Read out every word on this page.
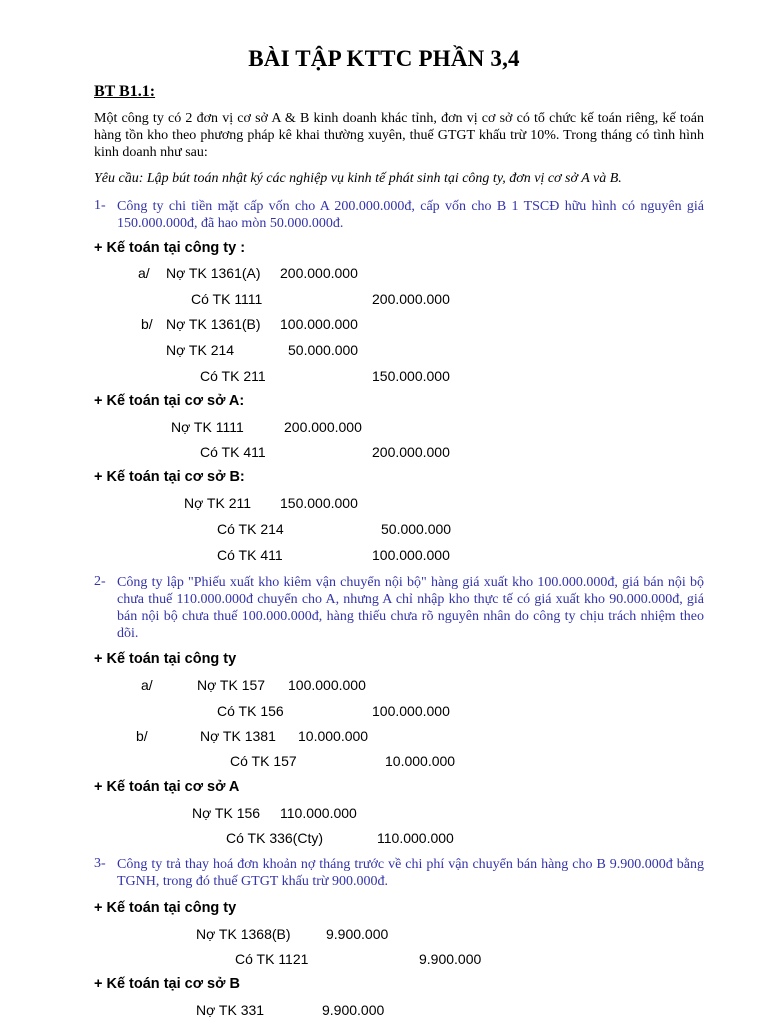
BÀI TẬP KTTC PHẦN 3,4
BT B1.1:
Một công ty có 2 đơn vị cơ sở A & B kinh doanh khác tỉnh, đơn vị cơ sở có tổ chức kế toán riêng, kế toán hàng tồn kho theo phương pháp kê khai thường xuyên, thuế GTGT khấu trừ 10%. Trong tháng có tình hình kinh doanh như sau:
Yêu cầu: Lập bút toán nhật ký các nghiệp vụ kinh tế phát sinh tại công ty, đơn vị cơ sở A và B.
1- Công ty chi tiền mặt cấp vốn cho A 200.000.000đ, cấp vốn cho B 1 TSCĐ hữu hình có nguyên giá 150.000.000đ, đã hao mòn 50.000.000đ.
+ Kế toán tại công ty :
a/ Nợ TK 1361(A) 200.000.000
Có TK 1111	200.000.000
b/ Nợ TK 1361(B) 100.000.000
Nợ TK 214	50.000.000
Có TK 211	150.000.000
+ Kế toán tại cơ sở A:
Nợ TK 1111	200.000.000
Có TK 411	200.000.000
+ Kế toán tại cơ sở B:
Nợ TK 211 150.000.000
Có TK 214	50.000.000
Có TK 411	100.000.000
2- Công ty lập "Phiếu xuất kho kiêm vận chuyển nội bộ" hàng giá xuất kho 100.000.000đ, giá bán nội bộ chưa thuế 110.000.000đ chuyển cho A, nhưng A chỉ nhập kho thực tế có giá xuất kho 90.000.000đ, giá bán nội bộ chưa thuế 100.000.000đ, hàng thiếu chưa rõ nguyên nhân do công ty chịu trách nhiệm theo dõi.
+ Kế toán tại công ty
a/	Nợ TK 157 100.000.000
Có TK 156	100.000.000
b/	Nợ TK 1381 10.000.000
Có TK 157	10.000.000
+ Kế toán tại cơ sở A
Nợ TK 156 110.000.000
Có TK 336(Cty)	110.000.000
3- Công ty trả thay hoá đơn khoản nợ tháng trước về chi phí vận chuyển bán hàng cho B 9.900.000đ bằng TGNH, trong đó thuế GTGT khấu trừ 900.000đ.
+ Kế toán tại công ty
Nợ TK 1368(B)	9.900.000
Có TK 1121	9.900.000
+ Kế toán tại cơ sở B
Nợ TK 331	9.900.000
